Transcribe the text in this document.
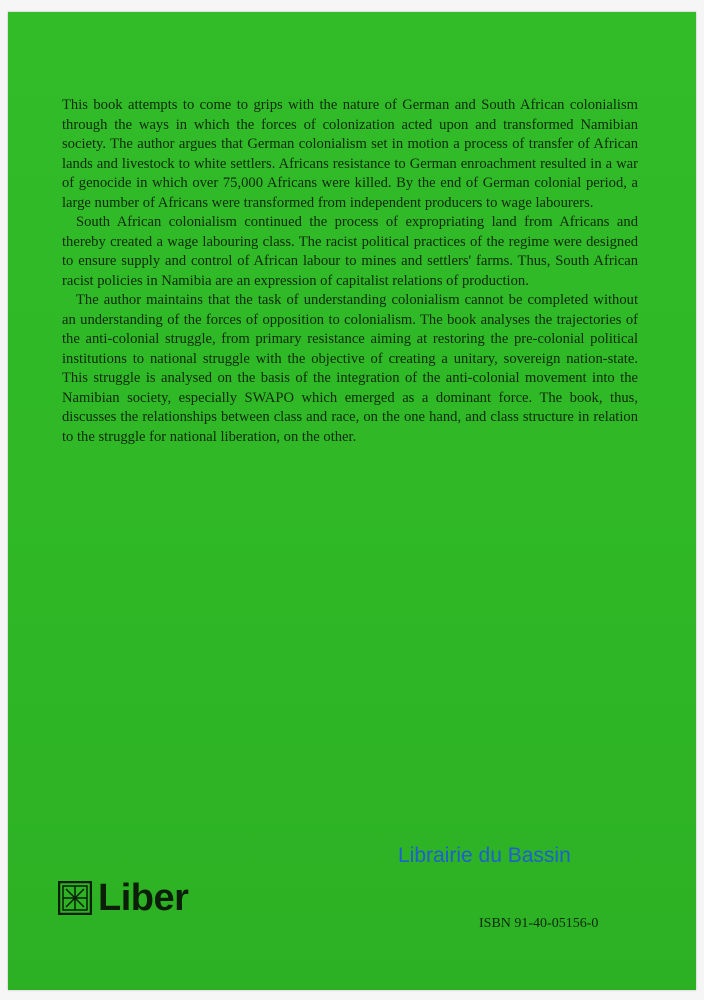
This book attempts to come to grips with the nature of German and South African colonialism through the ways in which the forces of colonization acted upon and transformed Namibian society. The author argues that German colonialism set in motion a process of transfer of African lands and livestock to white settlers. Africans resistance to German enroachment resulted in a war of genocide in which over 75,000 Africans were killed. By the end of German colonial period, a large number of Africans were transformed from independent producers to wage labourers.

South African colonialism continued the process of expropriating land from Africans and thereby created a wage labouring class. The racist political practices of the regime were designed to ensure supply and control of African labour to mines and settlers' farms. Thus, South African racist policies in Namibia are an expression of capitalist relations of production.

The author maintains that the task of understanding colonialism cannot be completed without an understanding of the forces of opposition to colonialism. The book analyses the trajectories of the anti-colonial struggle, from primary resistance aiming at restoring the pre-colonial political institutions to national struggle with the objective of creating a unitary, sovereign nation-state. This struggle is analysed on the basis of the integration of the anti-colonial movement into the Namibian society, especially SWAPO which emerged as a dominant force. The book, thus, discusses the relationships between class and race, on the one hand, and class structure in relation to the struggle for national liberation, on the other.

Librairie du Bassin
Liber
ISBN 91-40-05156-0
